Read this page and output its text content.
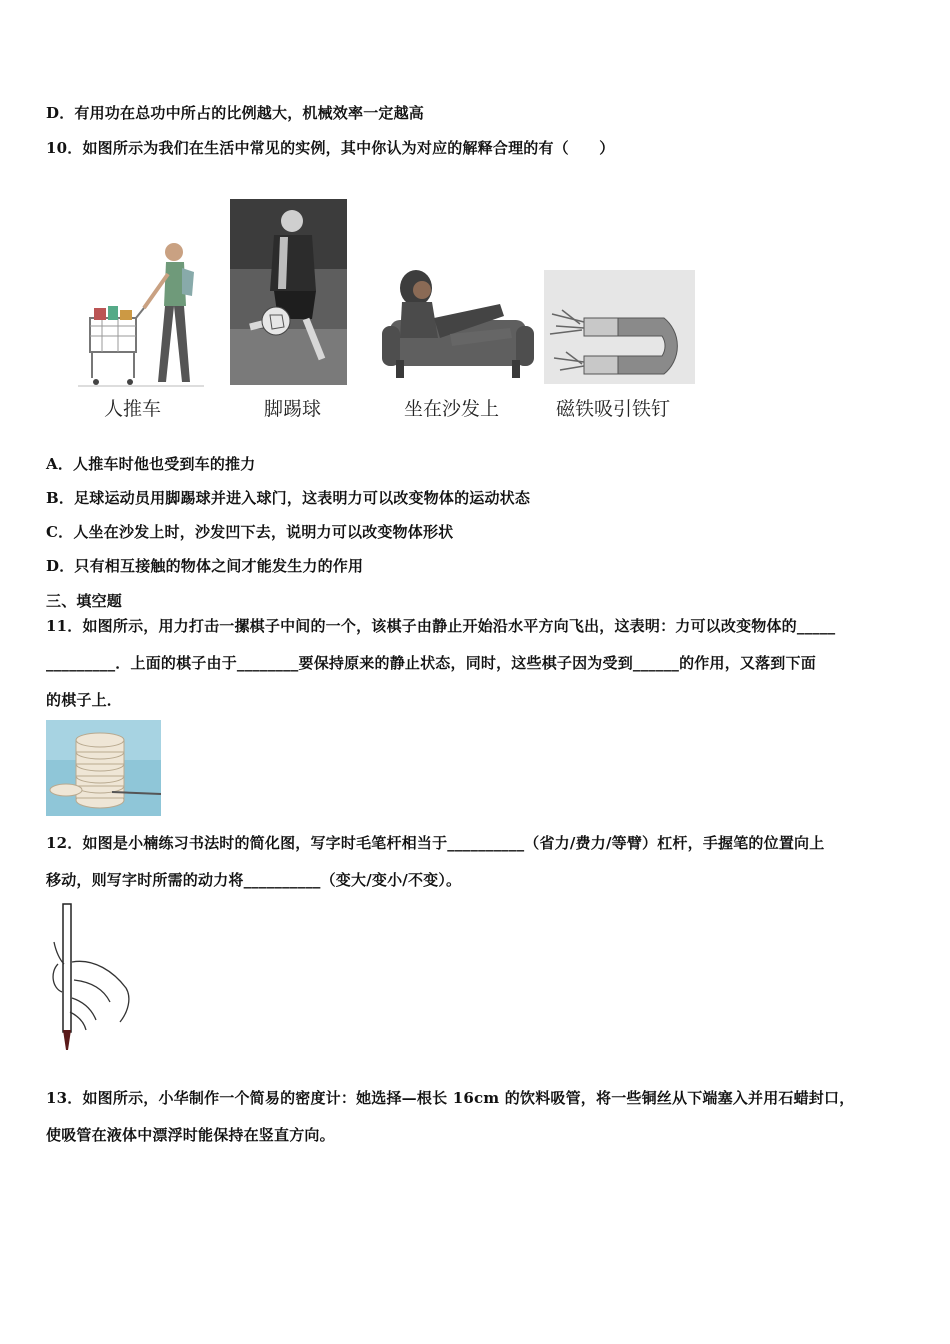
D．有用功在总功中所占的比例越大，机械效率一定越高
10．如图所示为我们在生活中常见的实例，其中你认为对应的解释合理的有（　　）
人推车	脚踢球	坐在沙发上	磁铁吸引铁钉
A．人推车时他也受到车的推力
B．足球运动员用脚踢球并进入球门，这表明力可以改变物体的运动状态
C．人坐在沙发上时，沙发凹下去，说明力可以改变物体形状
D．只有相互接触的物体之间才能发生力的作用
三、填空题
11．如图所示，用力打击一摞棋子中间的一个，该棋子由静止开始沿水平方向飞出，这表明：力可以改变物体的_____
_________．上面的棋子由于________要保持原来的静止状态，同时，这些棋子因为受到______的作用，又落到下面
的棋子上．
12．如图是小楠练习书法时的简化图，写字时毛笔杆相当于__________（省力/费力/等臂）杠杆，手握笔的位置向上
移动，则写字时所需的动力将__________（变大/变小/不变）。
13．如图所示，小华制作一个简易的密度计：她选择—根长 16cm 的饮料吸管，将一些铜丝从下端塞入并用石蜡封口，
使吸管在液体中漂浮时能保持在竖直方向。
